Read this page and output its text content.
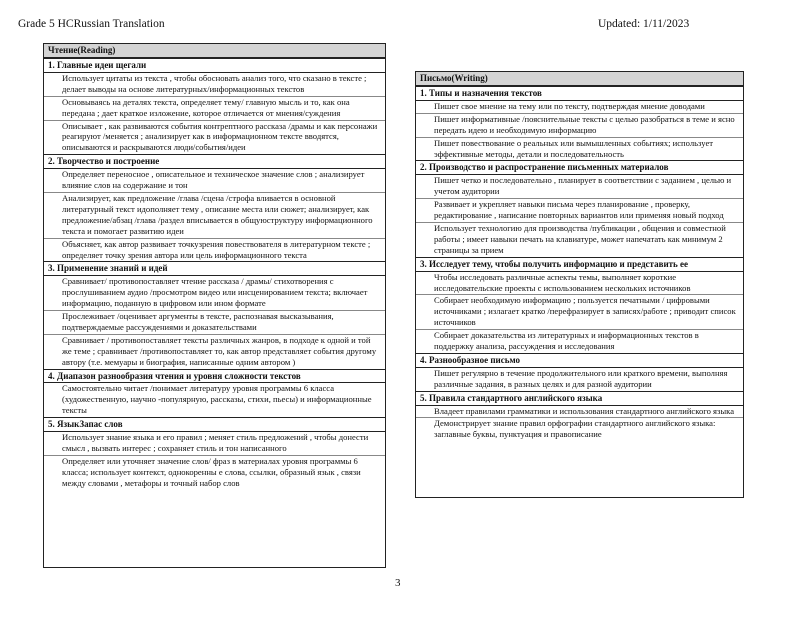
Grade 5 HCRussian Translation	Updated: 1/11/2023
Чтение(Reading)
1. Главные идеи щегали
Использует цитаты из текста , чтобы обосновать анализ того, что сказано в тексте ; делает выводы на основе литературных/информационных текстов
Основываясь на деталях текста, определяет тему/ главную мысль и то, как она передана ; дает краткое изложение, которое отличается от мнения/суждения
Описывает , как развиваются события контрептного рассказа /драмы и как персонажи реагируют /меняется ; анализирует как в информационном тексте вводятся, описываются и раскрываются люди/события/идеи
2. Творчество и построение
Определяет переносное , описательное и техническое значение слов ; анализирует влияние слов на содержание и тон
Анализирует, как предложение /глава /сцена /строфа вливается в основной литературный текст идополняет тему , описание места или сюжет; анализирует, как предложение/абзац /глава /раздел вписывается в общуюструктуру информационного текста и помогает развитию идеи
Объясняет, как автор развивает точкузрения повествователя в литературном тексте ; определяет точку зрения автора или цель информационного текста
3. Применение знаний и идей
Сравнивает/ противопоставляет чтение рассказа / драмы/ стихотворения с прослушиванием аудио /просмотром видео или инсценированием текста; включает информацию, поданную в цифровом или ином формате
Прослеживает /оценивает аргументы в тексте, распознавая высказывания, подтверждаемые рассуждениями и доказательствами
Сравнивает / противопоставляет тексты различных жанров, в подходе к одной и той же теме ; сравнивает /противопоставляет то, как автор представляет события другому автору (т.е. мемуары и биография, написанные одним автором )
4. Диапазон разнообразия чтения и уровня сложности текстов
Самостоятельно читает /понимает литературу уровня программы 6 класса (художественную, научно -популярную, рассказы, стихи, пьесы) и информационные тексты
5. ЯзыкЗапас слов
Использует знание языка и его правил ; меняет стиль предложений , чтобы донести смысл , вызвать интерес ; сохраняет стиль и тон написанного
Определяет или уточняет значение слов/ фраз в материалах уровня программы 6 класса; использует контекст, однокоренны е слова, ссылки, образный язык , связи между словами , метафоры и точный набор слов
Письмо(Writing)
1. Типы и назначения текстов
Пишет свое мнение на тему или по тексту, подтверждая мнение доводами
Пишет информативные /пояснительные тексты с целью разобраться в теме и ясно передать идею и необходимую информацию
Пишет повествование о реальных или вымышленных событиях; использует эффективные методы, детали и последовательность
2. Производство и распространение письменных материалов
Пишет четко и последовательно , планирует в соответствии с заданием , целью и учетом аудитории
Развивает и укрепляет навыки письма через планирование , проверку, редактирование , написание повторных вариантов или применяя новый подход
Использует технологию для производства /публикации , общения и совместной работы ; имеет навыки печать на клавиатуре, может напечатать как минимум 2 страницы за прием
3. Исследует тему, чтобы получить информацию и представить ее
Чтобы исследовать различные аспекты темы, выполняет короткие исследовательские проекты с использованием нескольких источников
Собирает необходимую информацию ; пользуется печатными / цифровыми источниками ; излагает кратко /перефразирует в записях/работе ; приводит список источников
Собирает доказательства из литературных и информационных текстов в поддержку анализа, рассуждения и исследования
4. Разнообразное письмо
Пишет регулярно в течение продолжительного или краткого времени, выполняя различные задания, в разных целях и для разной аудитории
5. Правила стандартного английского языка
Владеет правилами грамматики и использования стандартного английского языка
Демонстрирует знание правил орфографии стандартного английского языка: заглавные буквы, пунктуация и правописание
3
